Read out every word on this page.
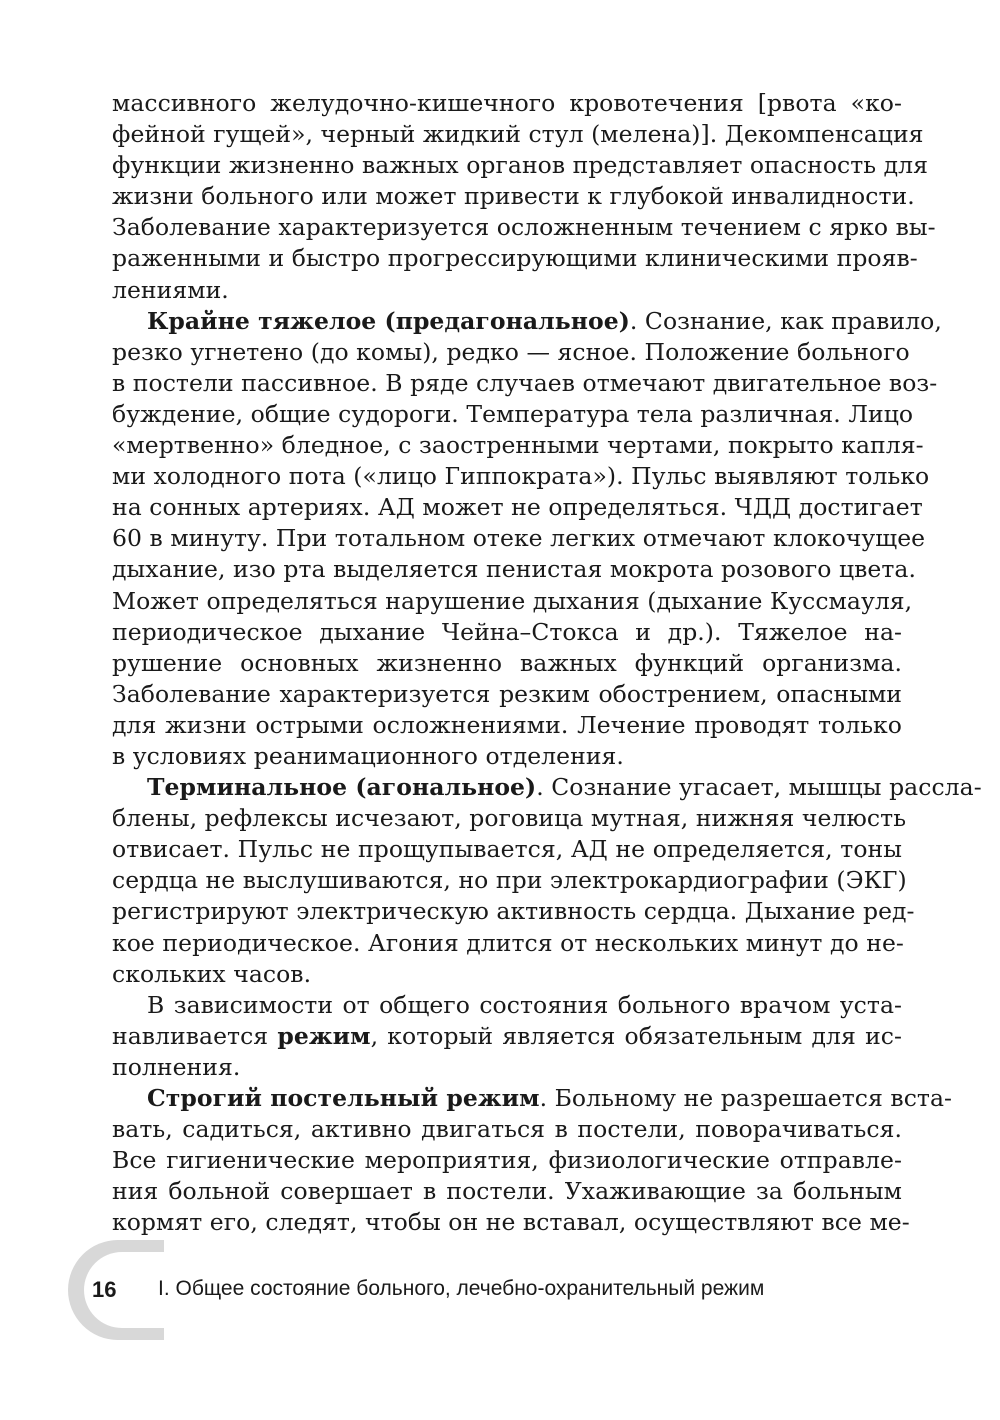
массивного желудочно-кишечного кровотечения [рвота «ко-
фейной гущей», черный жидкий стул (мелена)]. Декомпенсация
функции жизненно важных органов представляет опасность для
жизни больного или может привести к глубокой инвалидности.
Заболевание характеризуется осложненным течением с ярко вы-
раженными и быстро прогрессирующими клиническими прояв-
лениями.
Крайне тяжелое (предагональное). Сознание, как правило,
резко угнетено (до комы), редко — ясное. Положение больного
в постели пассивное. В ряде случаев отмечают двигательное воз-
буждение, общие судороги. Температура тела различная. Лицо
«мертвенно» бледное, с заостренными чертами, покрыто капля-
ми холодного пота («лицо Гиппократа»). Пульс выявляют только
на сонных артериях. АД может не определяться. ЧДД достигает
60 в минуту. При тотальном отеке легких отмечают клокочущее
дыхание, изо рта выделяется пенистая мокрота розового цвета.
Может определяться нарушение дыхания (дыхание Куссмауля,
периодическое дыхание Чейна–Стокса и др.). Тяжелое на-
рушение основных жизненно важных функций организма.
Заболевание характеризуется резким обострением, опасными
для жизни острыми осложнениями. Лечение проводят только
в условиях реанимационного отделения.
Терминальное (агональное). Сознание угасает, мышцы рассла-
блены, рефлексы исчезают, роговица мутная, нижняя челюсть
отвисает. Пульс не прощупывается, АД не определяется, тоны
сердца не выслушиваются, но при электрокардиографии (ЭКГ)
регистрируют электрическую активность сердца. Дыхание ред-
кое периодическое. Агония длится от нескольких минут до не-
скольких часов.
В зависимости от общего состояния больного врачом уста-
навливается режим, который является обязательным для ис-
полнения.
Строгий постельный режим. Больному не разрешается вста-
вать, садиться, активно двигаться в постели, поворачиваться.
Все гигиенические мероприятия, физиологические отправле-
ния больной совершает в постели. Ухаживающие за больным
кормят его, следят, чтобы он не вставал, осуществляют все ме-
16 I. Общее состояние больного, лечебно-охранительный режим
